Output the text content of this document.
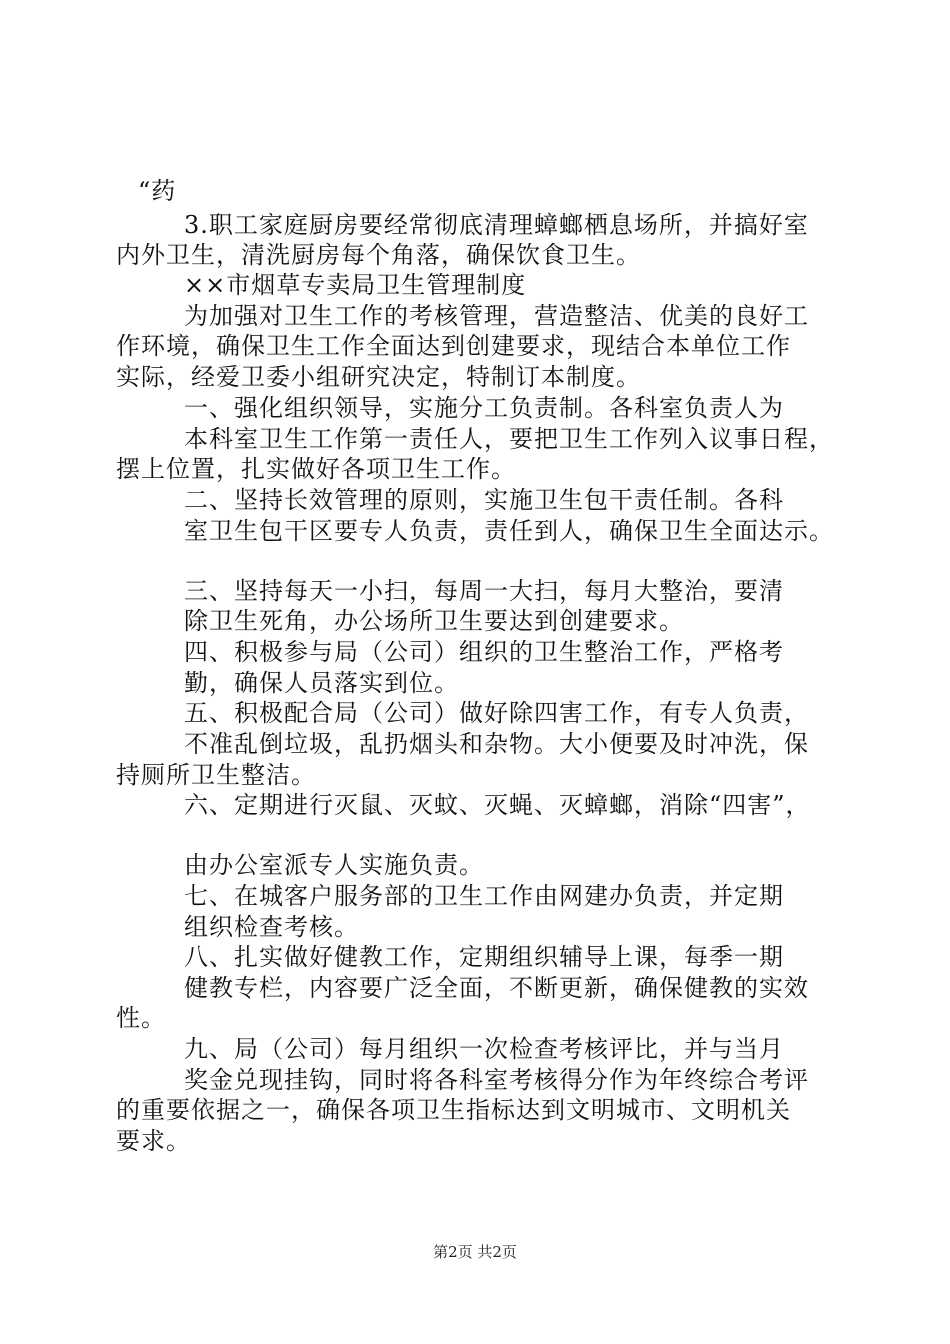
“药
3.职工家庭厨房要经常彻底清理蟑螂栖息场所，并搞好室
内外卫生，清洗厨房每个角落，确保饮食卫生。
××市烟草专卖局卫生管理制度
为加强对卫生工作的考核管理，营造整洁、优美的良好工
作环境，确保卫生工作全面达到创建要求，现结合本单位工作
实际，经爱卫委小组研究决定，特制订本制度。
一、强化组织领导，实施分工负责制。各科室负责人为
本科室卫生工作第一责任人，要把卫生工作列入议事日程，
摆上位置，扎实做好各项卫生工作。
二、坚持长效管理的原则，实施卫生包干责任制。各科
室卫生包干区要专人负责，责任到人，确保卫生全面达示。
三、坚持每天一小扫，每周一大扫，每月大整治，要清
除卫生死角，办公场所卫生要达到创建要求。
四、积极参与局（公司）组织的卫生整治工作，严格考
勤，确保人员落实到位。
五、积极配合局（公司）做好除四害工作，有专人负责，
不准乱倒垃圾，乱扔烟头和杂物。大小便要及时冲洗，保
持厕所卫生整洁。
六、定期进行灭鼠、灭蚊、灭蝇、灭蟑螂，消除“四害”，
由办公室派专人实施负责。
七、在城客户服务部的卫生工作由网建办负责，并定期
组织检查考核。
八、扎实做好健教工作，定期组织辅导上课，每季一期
健教专栏，内容要广泛全面，不断更新，确保健教的实效
性。
九、局（公司）每月组织一次检查考核评比，并与当月
奖金兑现挂钩，同时将各科室考核得分作为年终综合考评
的重要依据之一，确保各项卫生指标达到文明城市、文明机关
要求。
第2页 共2页
